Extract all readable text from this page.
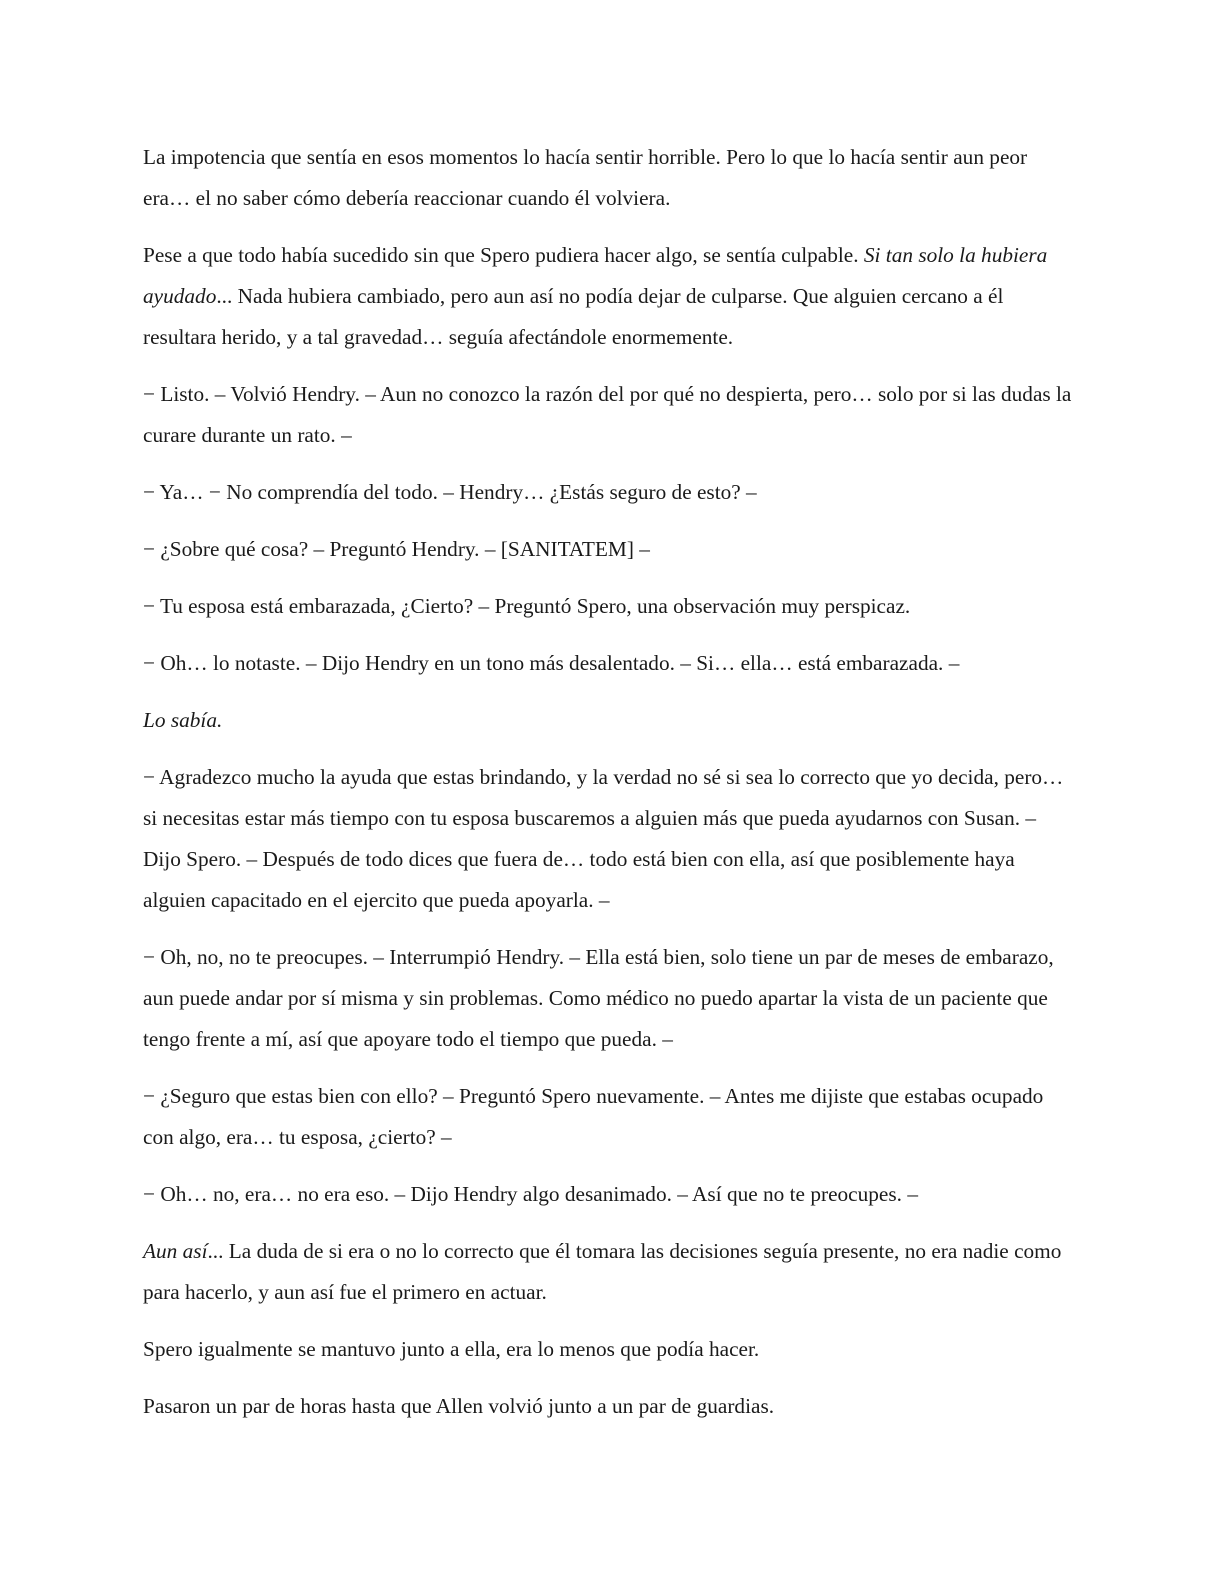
La impotencia que sentía en esos momentos lo hacía sentir horrible. Pero lo que lo hacía sentir aun peor era… el no saber cómo debería reaccionar cuando él volviera.

Pese a que todo había sucedido sin que Spero pudiera hacer algo, se sentía culpable. Si tan solo la hubiera ayudado... Nada hubiera cambiado, pero aun así no podía dejar de culparse. Que alguien cercano a él resultara herido, y a tal gravedad… seguía afectándole enormemente.

− Listo. – Volvió Hendry. – Aun no conozco la razón del por qué no despierta, pero… solo por si las dudas la curare durante un rato. –

− Ya… − No comprendía del todo. – Hendry… ¿Estás seguro de esto? –

− ¿Sobre qué cosa? – Preguntó Hendry. – [SANITATEM] –

− Tu esposa está embarazada, ¿Cierto? – Preguntó Spero, una observación muy perspicaz.

− Oh… lo notaste. – Dijo Hendry en un tono más desalentado. – Si… ella… está embarazada. –

Lo sabía.

− Agradezco mucho la ayuda que estas brindando, y la verdad no sé si sea lo correcto que yo decida, pero… si necesitas estar más tiempo con tu esposa buscaremos a alguien más que pueda ayudarnos con Susan. – Dijo Spero. – Después de todo dices que fuera de… todo está bien con ella, así que posiblemente haya alguien capacitado en el ejercito que pueda apoyarla. –

− Oh, no, no te preocupes. – Interrumpió Hendry. – Ella está bien, solo tiene un par de meses de embarazo, aun puede andar por sí misma y sin problemas. Como médico no puedo apartar la vista de un paciente que tengo frente a mí, así que apoyare todo el tiempo que pueda. –

− ¿Seguro que estas bien con ello? – Preguntó Spero nuevamente. – Antes me dijiste que estabas ocupado con algo, era… tu esposa, ¿cierto? –

− Oh… no, era… no era eso. – Dijo Hendry algo desanimado. – Así que no te preocupes. –

Aun así... La duda de si era o no lo correcto que él tomara las decisiones seguía presente, no era nadie como para hacerlo, y aun así fue el primero en actuar.

Spero igualmente se mantuvo junto a ella, era lo menos que podía hacer.

Pasaron un par de horas hasta que Allen volvió junto a un par de guardias.
